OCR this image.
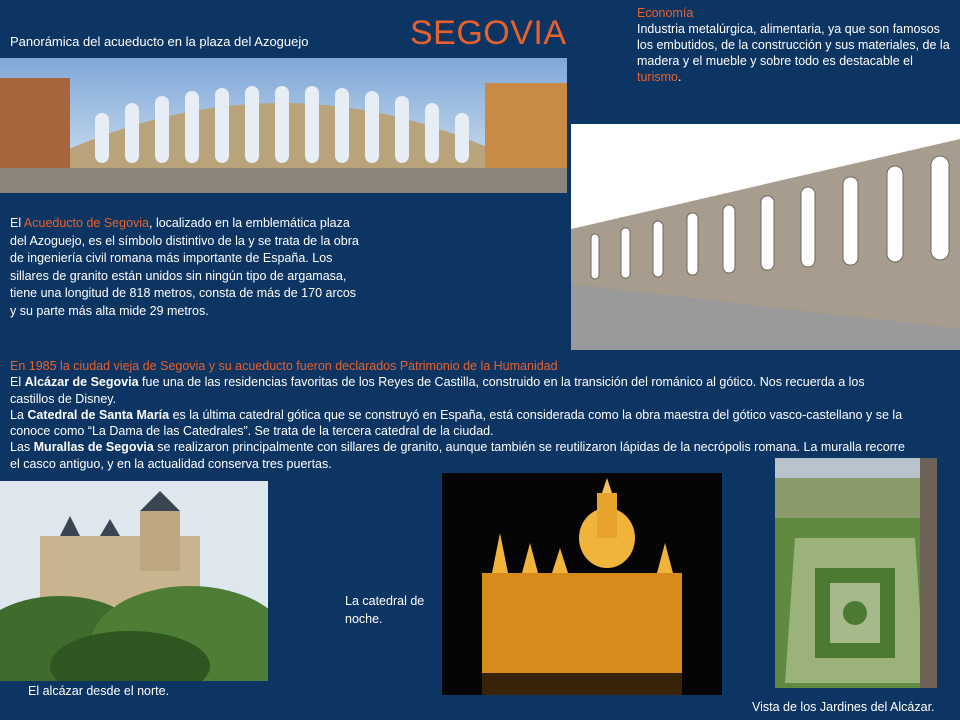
SEGOVIA
Panorámica del acueducto en la plaza del Azoguejo
Economía
Industria metalúrgica, alimentaria, ya que son famosos los embutidos, de la construcción y sus materiales, de la madera y el mueble y sobre todo es destacable el turismo.
El Acueducto de Segovia, localizado en la emblemática plaza del Azoguejo, es el símbolo distintivo de la y se trata de la obra de ingeniería civil romana más importante de España. Los sillares de granito están unidos sin ningún tipo de argamasa, tiene una longitud de 818 metros, consta de más de 170 arcos y su parte más alta mide 29 metros.
En 1985 la ciudad vieja de Segovia y su acueducto fueron declarados Patrimonio de la Humanidad
El Alcázar de Segovia fue una de las residencias favoritas de los Reyes de Castilla, construido en la transición del románico al gótico. Nos recuerda a los castillos de Disney.
La Catedral de Santa María es la última catedral gótica que se construyó en España, está considerada como la obra maestra del gótico vasco-castellano y se la conoce como “La Dama de las Catedrales”. Se trata de la tercera catedral de la ciudad.
Las Murallas de Segovia se realizaron principalmente con sillares de granito, aunque también se reutilizaron lápidas de la necrópolis romana. La muralla recorre el casco antiguo, y en la actualidad conserva tres puertas.
El alcázar desde el norte.
La catedral de noche.
Vista de los Jardines del Alcázar.
